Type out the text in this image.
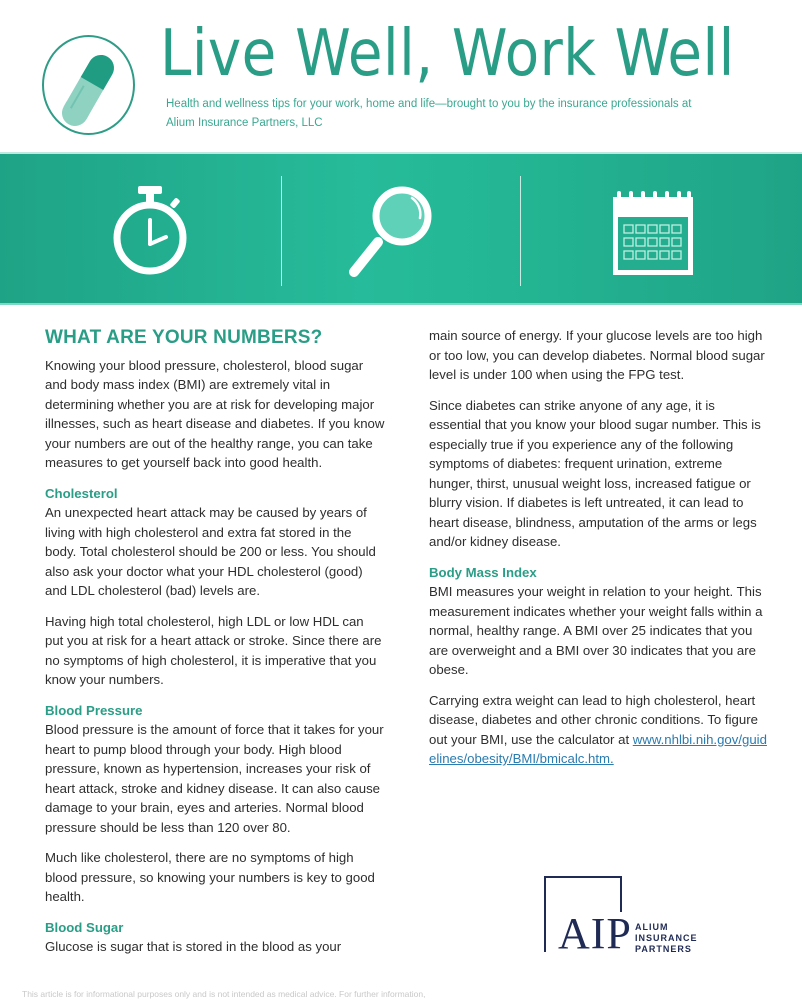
Live Well, Work Well
Health and wellness tips for your work, home and life—brought to you by the insurance professionals at
Alium Insurance Partners, LLC
WHAT ARE YOUR NUMBERS?

Knowing your blood pressure, cholesterol, blood sugar and body mass index (BMI) are extremely vital in determining whether you are at risk for developing major illnesses, such as heart disease and diabetes. If you know your numbers are out of the healthy range, you can take measures to get yourself back into good health.

Cholesterol

An unexpected heart attack may be caused by years of living with high cholesterol and extra fat stored in the body. Total cholesterol should be 200 or less. You should also ask your doctor what your HDL cholesterol (good) and LDL cholesterol (bad) levels are.

Having high total cholesterol, high LDL or low HDL can put you at risk for a heart attack or stroke. Since there are no symptoms of high cholesterol, it is imperative that you know your numbers.

Blood Pressure

Blood pressure is the amount of force that it takes for your heart to pump blood through your body. High blood pressure, known as hypertension, increases your risk of heart attack, stroke and kidney disease. It can also cause damage to your brain, eyes and arteries. Normal blood pressure should be less than 120 over 80.

Much like cholesterol, there are no symptoms of high blood pressure, so knowing your numbers is key to good health.

Blood Sugar

Glucose is sugar that is stored in the blood as your

main source of energy. If your glucose levels are too high or too low, you can develop diabetes. Normal blood sugar level is under 100 when using the FPG test.

Since diabetes can strike anyone of any age, it is essential that you know your blood sugar number. This is especially true if you experience any of the following symptoms of diabetes: frequent urination, extreme hunger, thirst, unusual weight loss, increased fatigue or blurry vision. If diabetes is left untreated, it can lead to heart disease, blindness, amputation of the arms or legs and/or kidney disease.

Body Mass Index

BMI measures your weight in relation to your height. This measurement indicates whether your weight falls within a normal, healthy range. A BMI over 25 indicates that you are overweight and a BMI over 30 indicates that you are obese.

Carrying extra weight can lead to high cholesterol, heart disease, diabetes and other chronic conditions. To figure out your BMI, use the calculator at www.nhlbi.nih.gov/guidelines/obesity/BMI/bmicalc.htm.

AIP ALIUM
INSURANCE
PARTNERS
This article is for informational purposes only and is not intended as medical advice. For further information,
